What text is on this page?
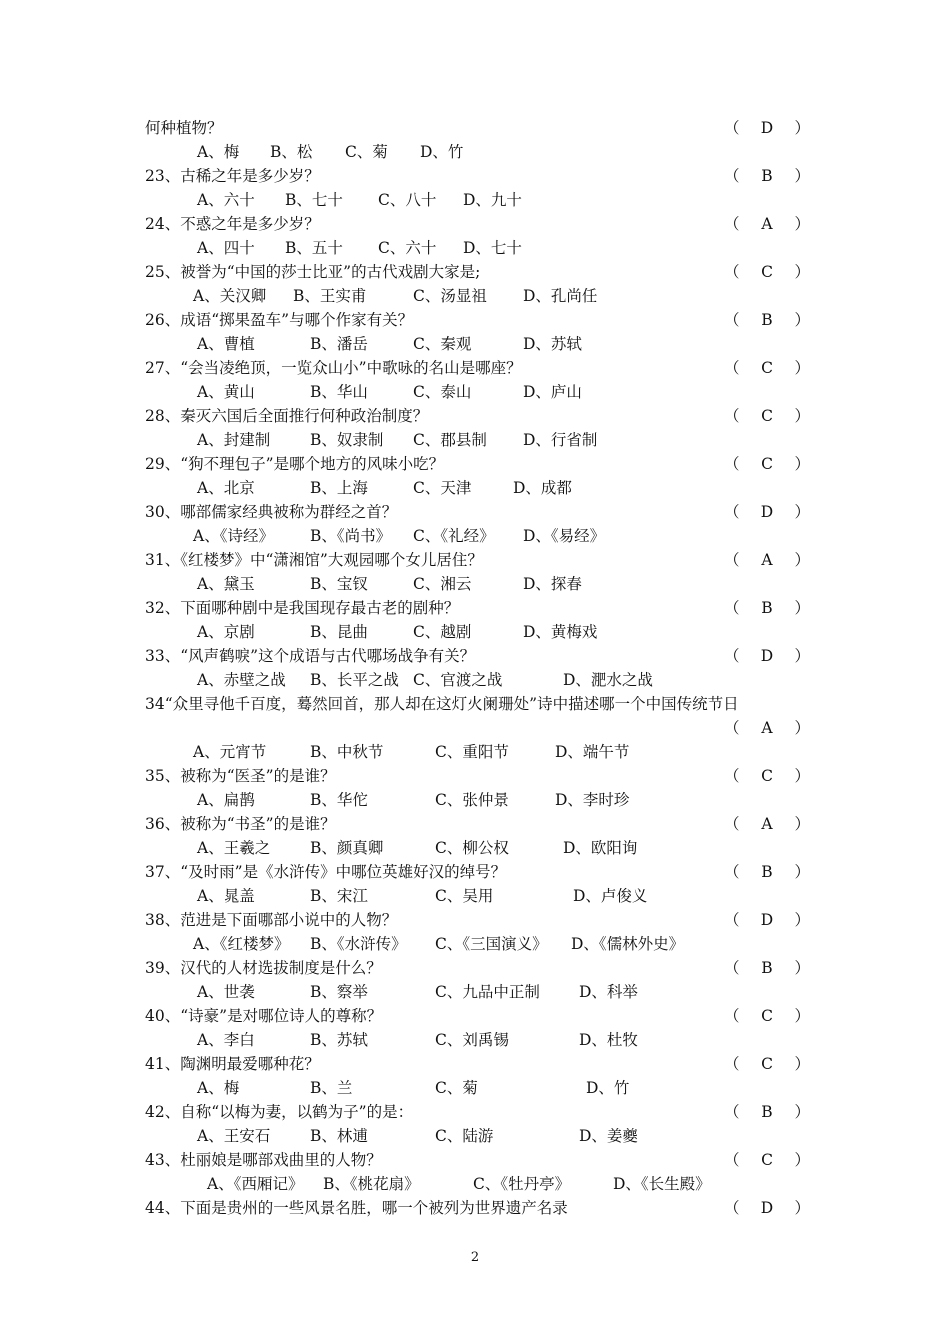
何种植物？	（	D	）
A、梅 B、松 C、菊 D、竹
23、古稀之年是多少岁？	（	B	）
A、六十 B、七十 C、八十 D、九十
24、不惑之年是多少岁？	（	A	）
A、四十 B、五十 C、六十 D、七十
25、被誉为“中国的莎士比亚”的古代戏剧大家是;	（	C	）
A、关汉卿 B、王实甫	C、汤显祖 D、孔尚任
26、成语“掷果盈车”与哪个作家有关？	（	B	）
A、曹植	B、潘岳	C、秦观	D、苏轼
27、“会当凌绝顶，一览众山小”中歌咏的名山是哪座？	（	C	）
A、黄山	B、华山	C、泰山	D、庐山
28、秦灭六国后全面推行何种政治制度？	（	C	）
A、封建制	B、奴隶制 C、郡县制 D、行省制
29、“狗不理包子”是哪个地方的风味小吃？	（	C	）
A、北京	B、上海	C、天津	D、成都
30、哪部儒家经典被称为群经之首？	（	D	）
A、《诗经》 B、《尚书》 C、《礼经》 D、《易经》
31、《红楼梦》中“潇湘馆”大观园哪个女儿居住？	（	A	）
A、黛玉	B、宝钗	C、湘云	D、探春
32、下面哪种剧中是我国现存最古老的剧种？	（	B	）
A、京剧	B、昆曲	C、越剧	D、黄梅戏
33、“风声鹤唳”这个成语与古代哪场战争有关？	（	D	）
A、赤壁之战 B、长平之战 C、官渡之战	D、淝水之战
34“众里寻他千百度，蓦然回首，那人却在这灯火阑珊处”诗中描述哪一个中国传统节日
（	A	）
A、元宵节	B、中秋节	C、重阳节	D、端午节
35、被称为“医圣”的是谁？	（	C	）
A、扁鹊	B、华佗	C、张仲景	D、李时珍
36、被称为“书圣”的是谁？	（	A	）
A、王羲之	B、颜真卿	C、柳公权	D、欧阳询
37、“及时雨”是《水浒传》中哪位英雄好汉的绰号？	（	B	）
A、晁盖	B、宋江	C、吴用	D、卢俊义
38、范进是下面哪部小说中的人物？	（	D	）
A、《红楼梦》 B、《水浒传》 C、《三国演义》 D、《儒林外史》
39、汉代的人材选拔制度是什么？	（	B	）
A、世袭	B、察举	C、九品中正制	D、科举
40、“诗豪”是对哪位诗人的尊称？	（	C	）
A、李白	B、苏轼	C、刘禹锡	D、杜牧
41、陶渊明最爱哪种花？	（	C	）
A、梅	B、兰	C、菊	D、竹
42、自称“以梅为妻，以鹤为子”的是：	（	B	）
A、王安石	B、林逋	C、陆游	D、姜夔
43、杜丽娘是哪部戏曲里的人物？	（	C	）
A、《西厢记》 B、《桃花扇》	C、《牡丹亭》	D、《长生殿》
44、下面是贵州的一些风景名胜，哪一个被列为世界遗产名录	（	D	）
2
